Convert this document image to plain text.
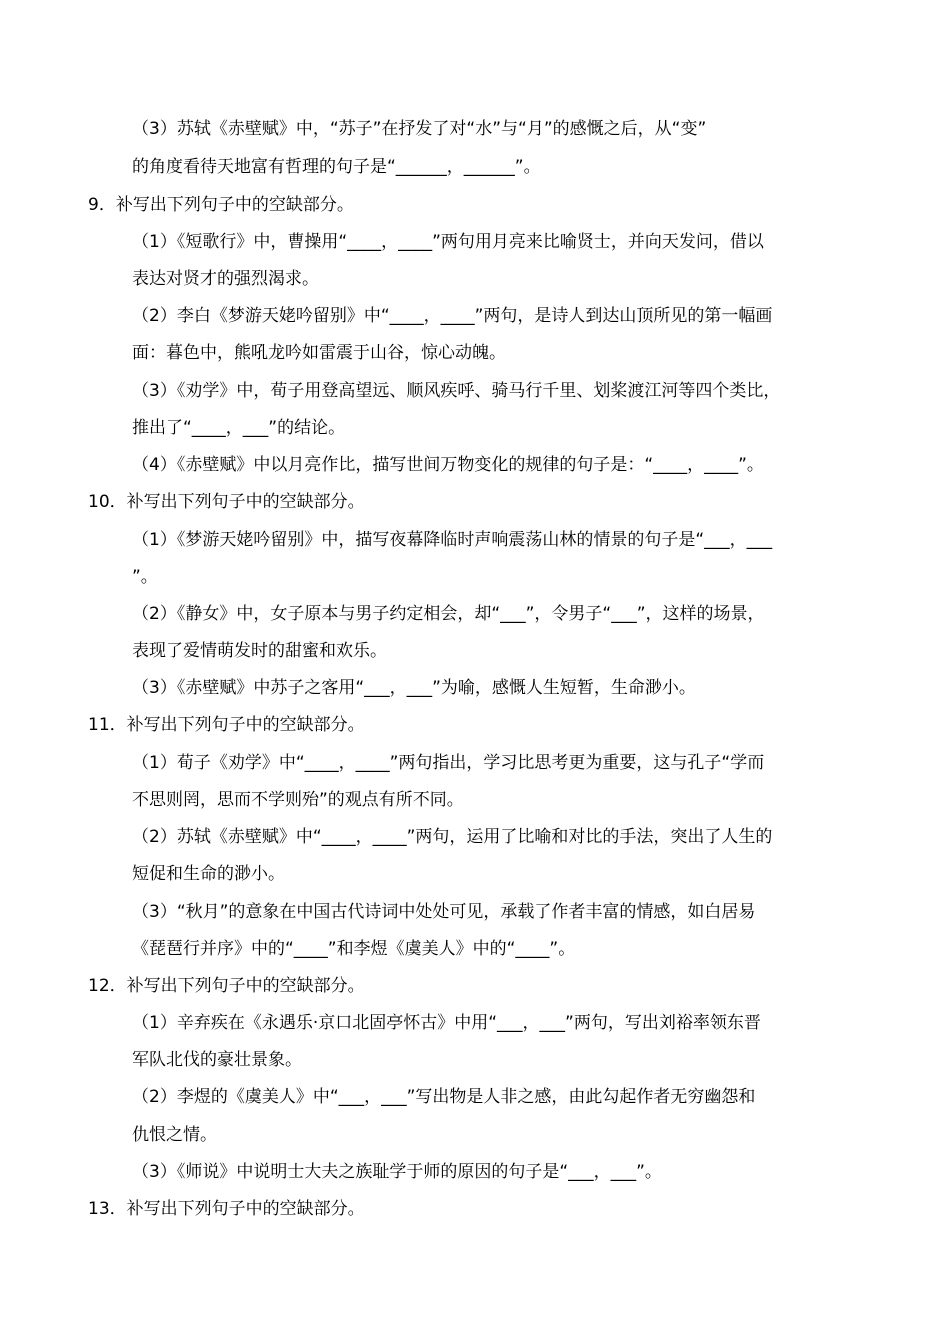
（3）苏轼《赤壁赋》中，“苏子”在抒发了对“水”与“月”的感慨之后，从“变”
的角度看待天地富有哲理的句子是“______，______”。
9．补写出下列句子中的空缺部分。
（1）《短歌行》中，曹操用“____，____”两句用月亮来比喻贤士，并向天发问，借以
表达对贤才的强烈渴求。
（2）李白《梦游天姥吟留别》中“____，____”两句，是诗人到达山顶所见的第一幅画
面：暮色中，熊吼龙吟如雷震于山谷，惊心动魄。
（3）《劝学》中，荀子用登高望远、顺风疾呼、骑马行千里、划桨渡江河等四个类比，
推出了“____，___”的结论。
（4）《赤壁赋》中以月亮作比，描写世间万物变化的规律的句子是：“____，____”。
10．补写出下列句子中的空缺部分。
（1）《梦游天姥吟留别》中，描写夜幕降临时声响震荡山林的情景的句子是“___，___
”。
（2）《静女》中，女子原本与男子约定相会，却“___”，令男子“___”，这样的场景，
表现了爱情萌发时的甜蜜和欢乐。
（3）《赤壁赋》中苏子之客用“___，___”为喻，感慨人生短暂，生命渺小。
11．补写出下列句子中的空缺部分。
（1）荀子《劝学》中“____，____”两句指出，学习比思考更为重要，这与孔子“学而
不思则罔，思而不学则殆”的观点有所不同。
（2）苏轼《赤壁赋》中“____，____”两句，运用了比喻和对比的手法，突出了人生的
短促和生命的渺小。
（3）“秋月”的意象在中国古代诗词中处处可见，承载了作者丰富的情感，如白居易
《琵琶行并序》中的“____”和李煜《虞美人》中的“____”。
12．补写出下列句子中的空缺部分。
（1）辛弃疾在《永遇乐·京口北固亭怀古》中用“___，___”两句，写出刘裕率领东晋
军队北伐的豪壮景象。
（2）李煜的《虞美人》中“___，___”写出物是人非之感，由此勾起作者无穷幽怨和
仇恨之情。
（3）《师说》中说明士大夫之族耻学于师的原因的句子是“___，___”。
13．补写出下列句子中的空缺部分。
